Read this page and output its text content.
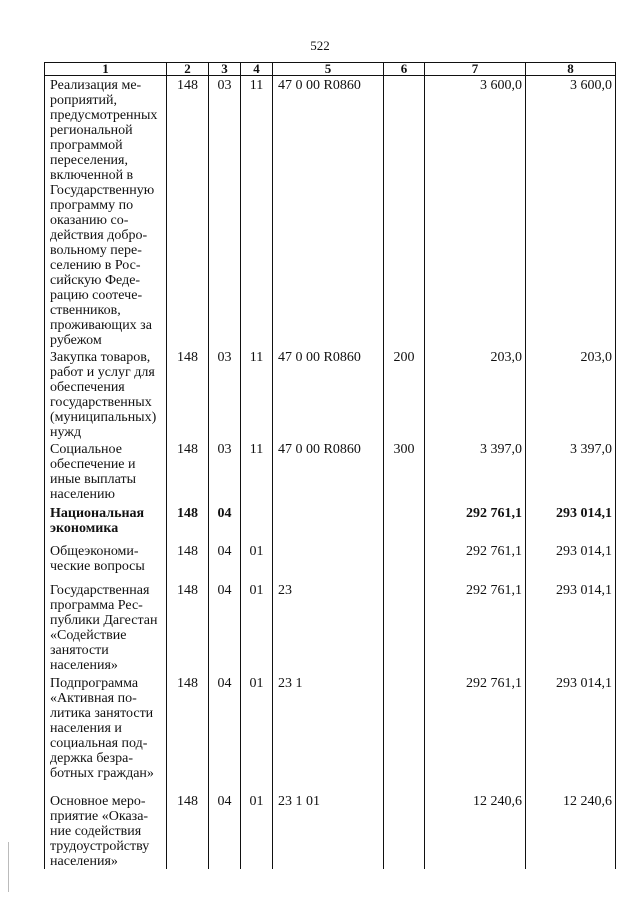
522
1	2	3	4	5	6	7	8
Реализация мероприятий, предусмотренных региональной программой переселения, включенной в Государственную программу по оказанию содействия добровольному переселению в Российскую Федерацию соотечественников, проживающих за рубежом	148	03	11	47 0 00 R0860		3 600,0	3 600,0
Закупка товаров, работ и услуг для обеспечения государственных (муниципальных) нужд	148	03	11	47 0 00 R0860	200	203,0	203,0
Социальное обеспечение и иные выплаты населению	148	03	11	47 0 00 R0860	300	3 397,0	3 397,0
Национальная экономика	148	04				292 761,1	293 014,1
Общеэкономические вопросы	148	04	01			292 761,1	293 014,1
Государственная программа Республики Дагестан «Содействие занятости населения»	148	04	01	23		292 761,1	293 014,1
Подпрограмма «Активная политика занятости населения и социальная поддержка безработных граждан»	148	04	01	23 1		292 761,1	293 014,1
Основное мероприятие «Оказание содействия трудоустройству населения»	148	04	01	23 1 01		12 240,6	12 240,6
